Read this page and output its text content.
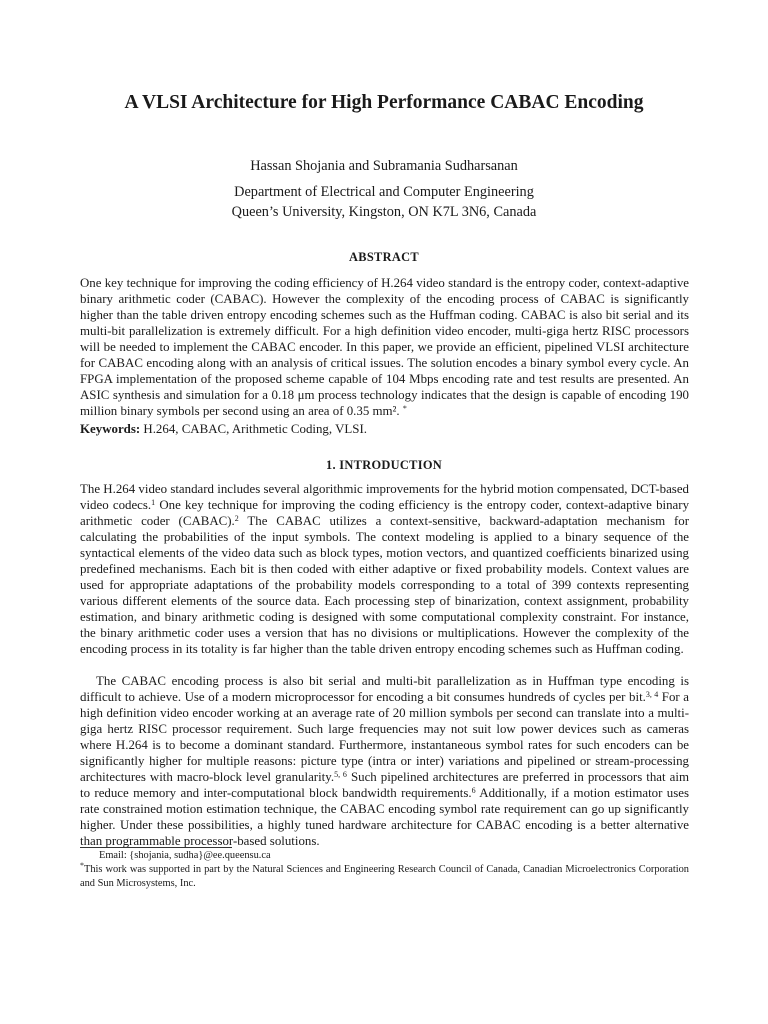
A VLSI Architecture for High Performance CABAC Encoding
Hassan Shojania and Subramania Sudharsanan
Department of Electrical and Computer Engineering
Queen’s University, Kingston, ON K7L 3N6, Canada
ABSTRACT

One key technique for improving the coding efficiency of H.264 video standard is the entropy coder, context-adaptive binary arithmetic coder (CABAC). However the complexity of the encoding process of CABAC is significantly higher than the table driven entropy encoding schemes such as the Huffman coding. CABAC is also bit serial and its multi-bit parallelization is extremely difficult. For a high definition video encoder, multi-giga hertz RISC processors will be needed to implement the CABAC encoder. In this paper, we provide an efficient, pipelined VLSI architecture for CABAC encoding along with an analysis of critical issues. The solution encodes a binary symbol every cycle. An FPGA implementation of the proposed scheme capable of 104 Mbps encoding rate and test results are presented. An ASIC synthesis and simulation for a 0.18 μm process technology indicates that the design is capable of encoding 190 million binary symbols per second using an area of 0.35 mm². *

Keywords: H.264, CABAC, Arithmetic Coding, VLSI.

1. INTRODUCTION

The H.264 video standard includes several algorithmic improvements for the hybrid motion compensated, DCT-based video codecs.$^1$ One key technique for improving the coding efficiency is the entropy coder, context-adaptive binary arithmetic coder (CABAC).$^2$ The CABAC utilizes a context-sensitive, backward-adaptation mechanism for calculating the probabilities of the input symbols. The context modeling is applied to a binary sequence of the syntactical elements of the video data such as block types, motion vectors, and quantized coefficients binarized using predefined mechanisms. Each bit is then coded with either adaptive or fixed probability models. Context values are used for appropriate adaptations of the probability models corresponding to a total of 399 contexts representing various different elements of the source data. Each processing step of binarization, context assignment, probability estimation, and binary arithmetic coding is designed with some computational complexity constraint. For instance, the binary arithmetic coder uses a version that has no divisions or multiplications. However the complexity of the encoding process in its totality is far higher than the table driven entropy encoding schemes such as Huffman coding.

The CABAC encoding process is also bit serial and multi-bit parallelization as in Huffman type encoding is difficult to achieve. Use of a modern microprocessor for encoding a bit consumes hundreds of cycles per bit.$^{3, 4}$ For a high definition video encoder working at an average rate of 20 million symbols per second can translate into a multi-giga hertz RISC processor requirement. Such large frequencies may not suit low power devices such as cameras where H.264 is to become a dominant standard. Furthermore, instantaneous symbol rates for such encoders can be significantly higher for multiple reasons: picture type (intra or inter) variations and pipelined or stream-processing architectures with macro-block level granularity.$^{5, 6}$ Such pipelined architectures are preferred in processors that aim to reduce memory and inter-computational block bandwidth requirements.$^6$ Additionally, if a motion estimator uses rate constrained motion estimation technique, the CABAC encoding symbol rate requirement can go up significantly higher. Under these possibilities, a highly tuned hardware architecture for CABAC encoding is a better alternative than programmable processor-based solutions.

Email: {shojania, sudha}@ee.queensu.ca
*This work was supported in part by the Natural Sciences and Engineering Research Council of Canada, Canadian Microelectronics Corporation and Sun Microsystems, Inc.
